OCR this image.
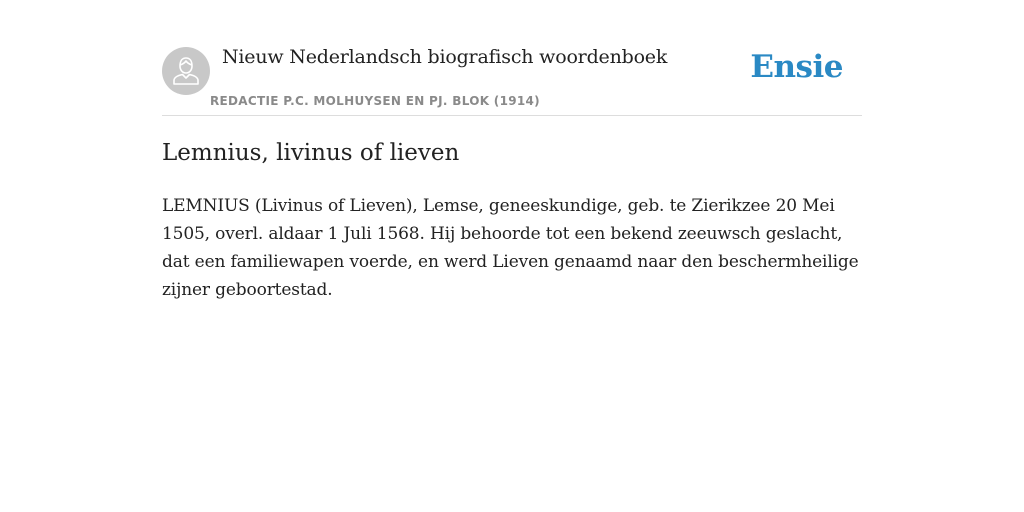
Nieuw Nederlandsch biografisch woordenboek
REDACTIE P.C. MOLHUYSEN EN PJ. BLOK (1914)
Ensie
Lemnius, livinus of lieven

LEMNIUS (Livinus of Lieven), Lemse, geneeskundige, geb. te Zierikzee 20 Mei 1505, overl. aldaar 1 Juli 1568. Hij behoorde tot een bekend zeeuwsch geslacht, dat een familiewapen voerde, en werd Lieven genaamd naar den beschermheilige zijner geboortestad.
